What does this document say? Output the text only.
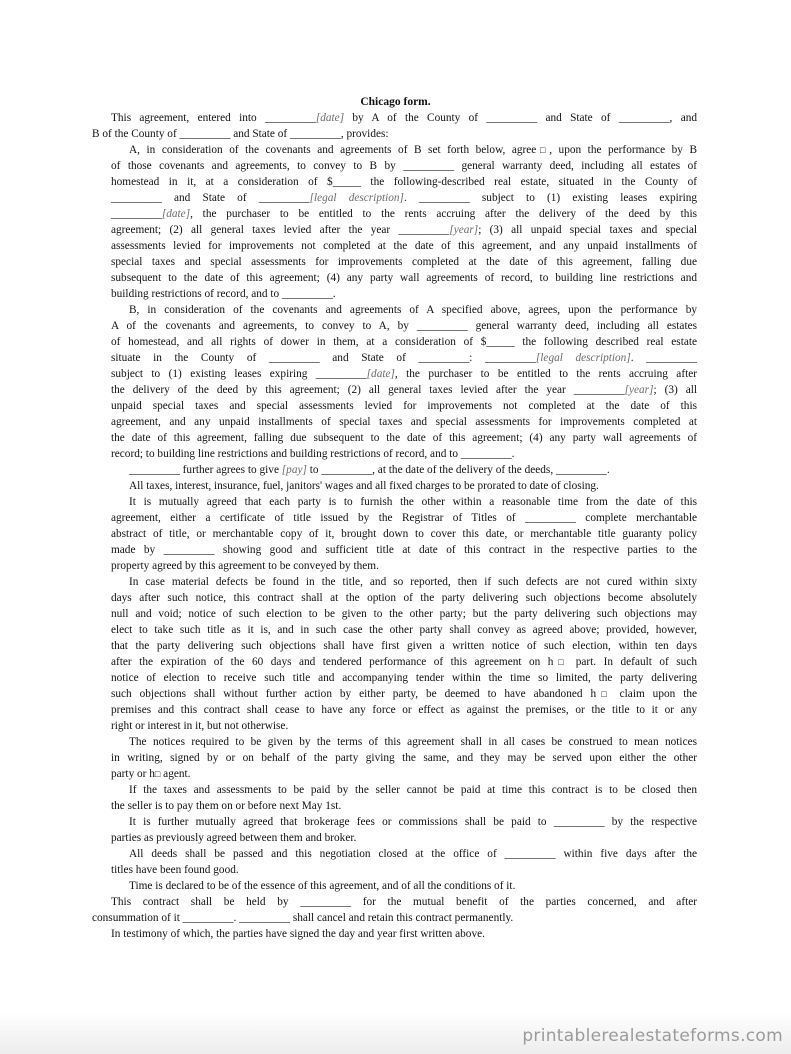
Chicago form.
This agreement, entered into _________[date] by A of the County of _________ and State of _________, and
B of the County of _________ and State of _________, provides:
A, in consideration of the covenants and agreements of B set forth below, agree□, upon the performance by B
of those covenants and agreements, to convey to B by _________ general warranty deed, including all estates of
homestead in it, at a consideration of $_____ the following-described real estate, situated in the County of
_________ and State of _________[legal description]. _________ subject to (1) existing leases expiring
_________[date], the purchaser to be entitled to the rents accruing after the delivery of the deed by this
agreement; (2) all general taxes levied after the year _________[year]; (3) all unpaid special taxes and special
assessments levied for improvements not completed at the date of this agreement, and any unpaid installments of
special taxes and special assessments for improvements completed at the date of this agreement, falling due
subsequent to the date of this agreement; (4) any party wall agreements of record, to building line restrictions and
building restrictions of record, and to _________.
B, in consideration of the covenants and agreements of A specified above, agrees, upon the performance by
A of the covenants and agreements, to convey to A, by _________ general warranty deed, including all estates
of homestead, and all rights of dower in them, at a consideration of $_____ the following described real estate
situate in the County of _________ and State of _________: _________[legal description]. _________
subject to (1) existing leases expiring _________[date], the purchaser to be entitled to the rents accruing after
the delivery of the deed by this agreement; (2) all general taxes levied after the year _________[year]; (3) all
unpaid special taxes and special assessments levied for improvements not completed at the date of this
agreement, and any unpaid installments of special taxes and special assessments for improvements completed at
the date of this agreement, falling due subsequent to the date of this agreement; (4) any party wall agreements of
record; to building line restrictions and building restrictions of record, and to _________.
_________ further agrees to give [pay] to _________, at the date of the delivery of the deeds, _________.
All taxes, interest, insurance, fuel, janitors' wages and all fixed charges to be prorated to date of closing.
It is mutually agreed that each party is to furnish the other within a reasonable time from the date of this
agreement, either a certificate of title issued by the Registrar of Titles of _________ complete merchantable
abstract of title, or merchantable copy of it, brought down to cover this date, or merchantable title guaranty policy
made by _________ showing good and sufficient title at date of this contract in the respective parties to the
property agreed by this agreement to be conveyed by them.
In case material defects be found in the title, and so reported, then if such defects are not cured within sixty
days after such notice, this contract shall at the option of the party delivering such objections become absolutely
null and void; notice of such election to be given to the other party; but the party delivering such objections may
elect to take such title as it is, and in such case the other party shall convey as agreed above; provided, however,
that the party delivering such objections shall have first given a written notice of such election, within ten days
after the expiration of the 60 days and tendered performance of this agreement on h□ part. In default of such
notice of election to receive such title and accompanying tender within the time so limited, the party delivering
such objections shall without further action by either party, be deemed to have abandoned h□ claim upon the
premises and this contract shall cease to have any force or effect as against the premises, or the title to it or any
right or interest in it, but not otherwise.
The notices required to be given by the terms of this agreement shall in all cases be construed to mean notices
in writing, signed by or on behalf of the party giving the same, and they may be served upon either the other
party or h□ agent.
If the taxes and assessments to be paid by the seller cannot be paid at time this contract is to be closed then
the seller is to pay them on or before next May 1st.
It is further mutually agreed that brokerage fees or commissions shall be paid to _________ by the respective
parties as previously agreed between them and broker.
All deeds shall be passed and this negotiation closed at the office of _________ within five days after the
titles have been found good.
Time is declared to be of the essence of this agreement, and of all the conditions of it.
This contract shall be held by _________ for the mutual benefit of the parties concerned, and after
consummation of it _________. _________ shall cancel and retain this contract permanently.
In testimony of which, the parties have signed the day and year first written above.
printablerealestateforms.com
